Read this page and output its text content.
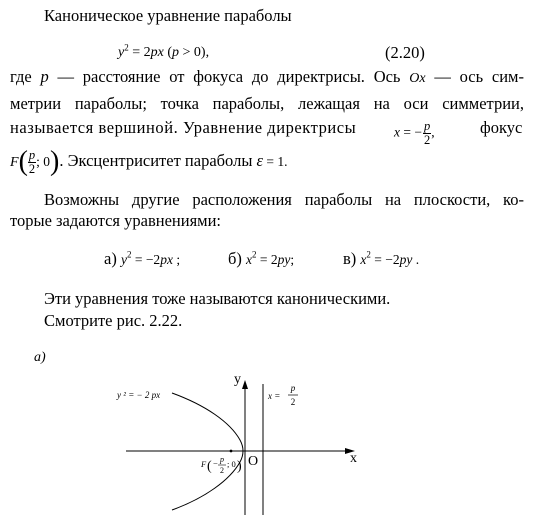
Каноническое уравнение параболы
$y^2 = 2px$ (p > 0),	(2.20)
где p — расстояние от фокуса до директрисы. Ось Ox — ось сим-
метрии параболы; точка параболы, лежащая на оси симметрии,
называется вершиной. Уравнение директрисы	x = − $\frac{p}{2}$ ,	фокус
$F( \frac{p}{2}$ ; 0). Эксцентриситет параболы ε = 1.
Возможны другие расположения параболы на плоскости, ко-
торые задаются уравнениями:
а) $y^2 = -2px$ ;	б) $x^2 = 2py$;	в) $x^2 = -2py$ .
Эти уравнения тоже называются каноническими.
Смотрите рис. 2.22.
а)
y ² = − 2 px	x =
p
2
F ( − p
2
; 0 ) O	x
y
